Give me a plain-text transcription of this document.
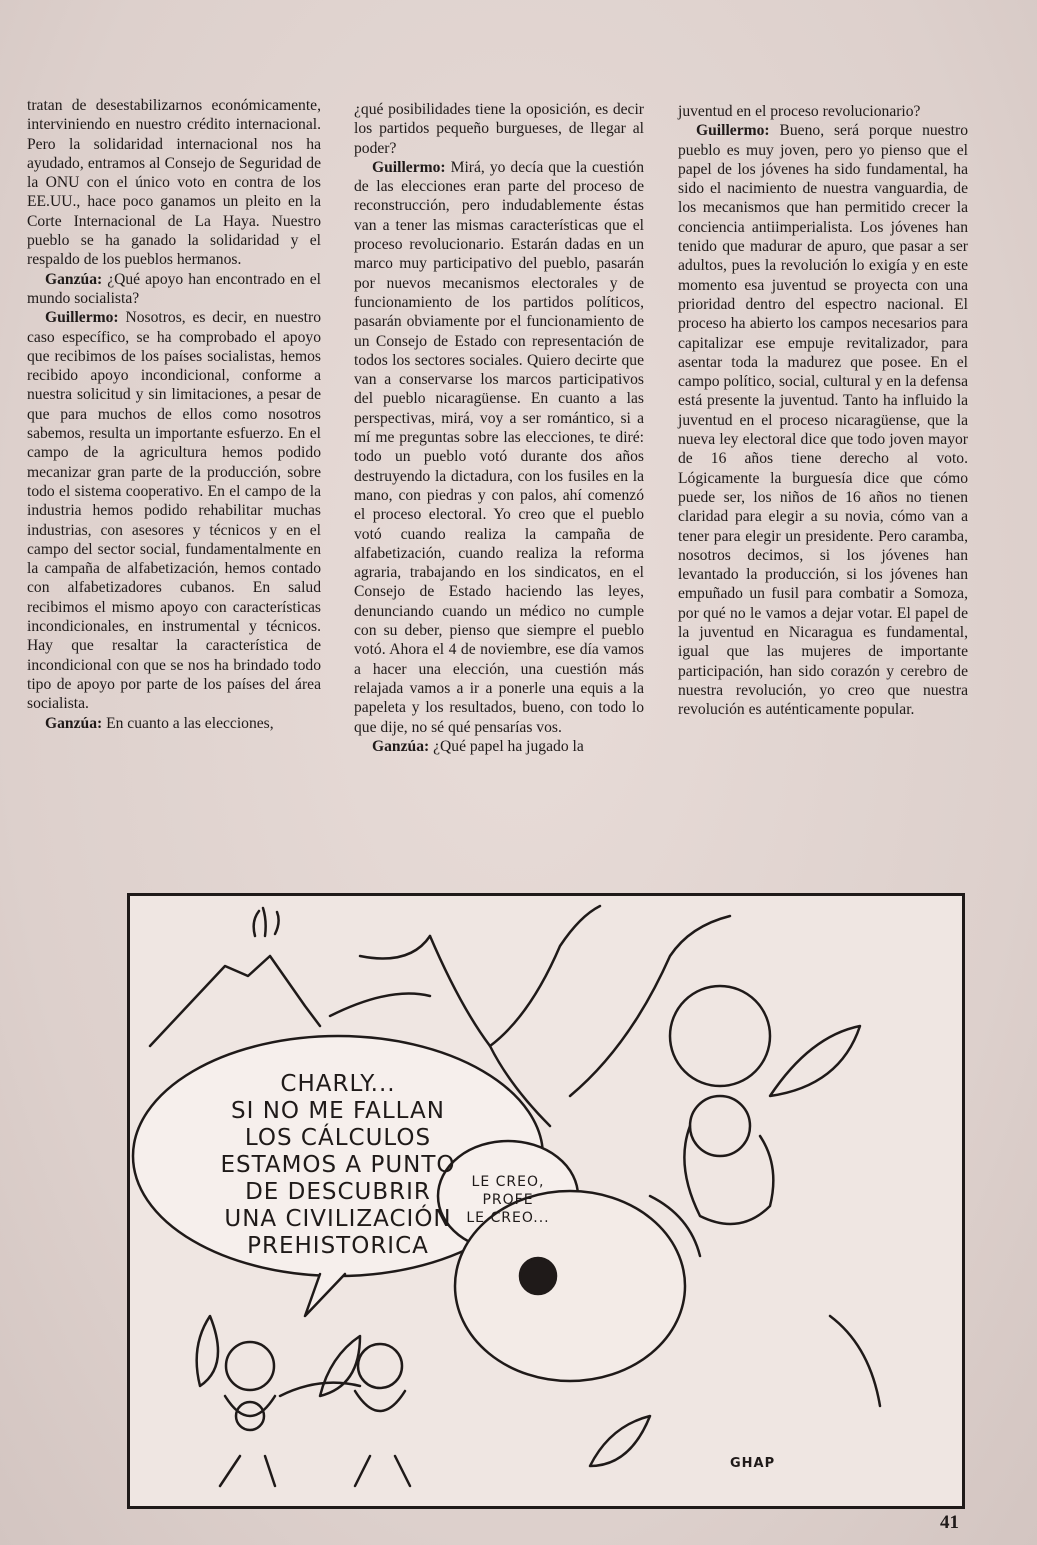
tratan de desestabilizarnos económicamente, interviniendo en nuestro crédito internacional. Pero la solidaridad internacional nos ha ayudado, entramos al Consejo de Seguridad de la ONU con el único voto en contra de los EE.UU., hace poco ganamos un pleito en la Corte Internacional de La Haya. Nuestro pueblo se ha ganado la solidaridad y el respaldo de los pueblos hermanos.

Ganzúa: ¿Qué apoyo han encontrado en el mundo socialista?

Guillermo: Nosotros, es decir, en nuestro caso específico, se ha comprobado el apoyo que recibimos de los países socialistas, hemos recibido apoyo incondicional, conforme a nuestra solicitud y sin limitaciones, a pesar de que para muchos de ellos como nosotros sabemos, resulta un importante esfuerzo. En el campo de la agricultura hemos podido mecanizar gran parte de la producción, sobre todo el sistema cooperativo. En el campo de la industria hemos podido rehabilitar muchas industrias, con asesores y técnicos y en el campo del sector social, fundamentalmente en la campaña de alfabetización, hemos contado con alfabetizadores cubanos. En salud recibimos el mismo apoyo con características incondicionales, en instrumental y técnicos. Hay que resaltar la característica de incondicional con que se nos ha brindado todo tipo de apoyo por parte de los países del área socialista.

Ganzúa: En cuanto a las elecciones,

¿qué posibilidades tiene la oposición, es decir los partidos pequeño burgueses, de llegar al poder?

Guillermo: Mirá, yo decía que la cuestión de las elecciones eran parte del proceso de reconstrucción, pero indudablemente éstas van a tener las mismas características que el proceso revolucionario. Estarán dadas en un marco muy participativo del pueblo, pasarán por nuevos mecanismos electorales y de funcionamiento de los partidos políticos, pasarán obviamente por el funcionamiento de un Consejo de Estado con representación de todos los sectores sociales. Quiero decirte que van a conservarse los marcos participativos del pueblo nicaragüense. En cuanto a las perspectivas, mirá, voy a ser romántico, si a mí me preguntas sobre las elecciones, te diré: todo un pueblo votó durante dos años destruyendo la dictadura, con los fusiles en la mano, con piedras y con palos, ahí comenzó el proceso electoral. Yo creo que el pueblo votó cuando realiza la campaña de alfabetización, cuando realiza la reforma agraria, trabajando en los sindicatos, en el Consejo de Estado haciendo las leyes, denunciando cuando un médico no cumple con su deber, pienso que siempre el pueblo votó. Ahora el 4 de noviembre, ese día vamos a hacer una elección, una cuestión más relajada vamos a ir a ponerle una equis a la papeleta y los resultados, bueno, con todo lo que dije, no sé qué pensarías vos.

Ganzúa: ¿Qué papel ha jugado la

juventud en el proceso revolucionario?

Guillermo: Bueno, será porque nuestro pueblo es muy joven, pero yo pienso que el papel de los jóvenes ha sido fundamental, ha sido el nacimiento de nuestra vanguardia, de los mecanismos que han permitido crecer la conciencia antiimperialista. Los jóvenes han tenido que madurar de apuro, que pasar a ser adultos, pues la revolución lo exigía y en este momento esa juventud se proyecta con una prioridad dentro del espectro nacional. El proceso ha abierto los campos necesarios para capitalizar ese empuje revitalizador, para asentar toda la madurez que posee. En el campo político, social, cultural y en la defensa está presente la juventud. Tanto ha influido la juventud en el proceso nicaragüense, que la nueva ley electoral dice que todo joven mayor de 16 años tiene derecho al voto. Lógicamente la burguesía dice que cómo puede ser, los niños de 16 años no tienen claridad para elegir a su novia, cómo van a tener para elegir un presidente. Pero caramba, nosotros decimos, si los jóvenes han levantado la producción, si los jóvenes han empuñado un fusil para combatir a Somoza, por qué no le vamos a dejar votar. El papel de la juventud en Nicaragua es fundamental, igual que las mujeres de importante participación, han sido corazón y cerebro de nuestra revolución, yo creo que nuestra revolución es auténticamente popular.

CHARLY...
SI NO ME FALLAN
LOS CÁLCULOS
ESTAMOS A PUNTO
DE DESCUBRIR
UNA CIVILIZACIÓN
PREHISTORICA
LE CREO,
PROFE
LE CREO...
GHAP
41
